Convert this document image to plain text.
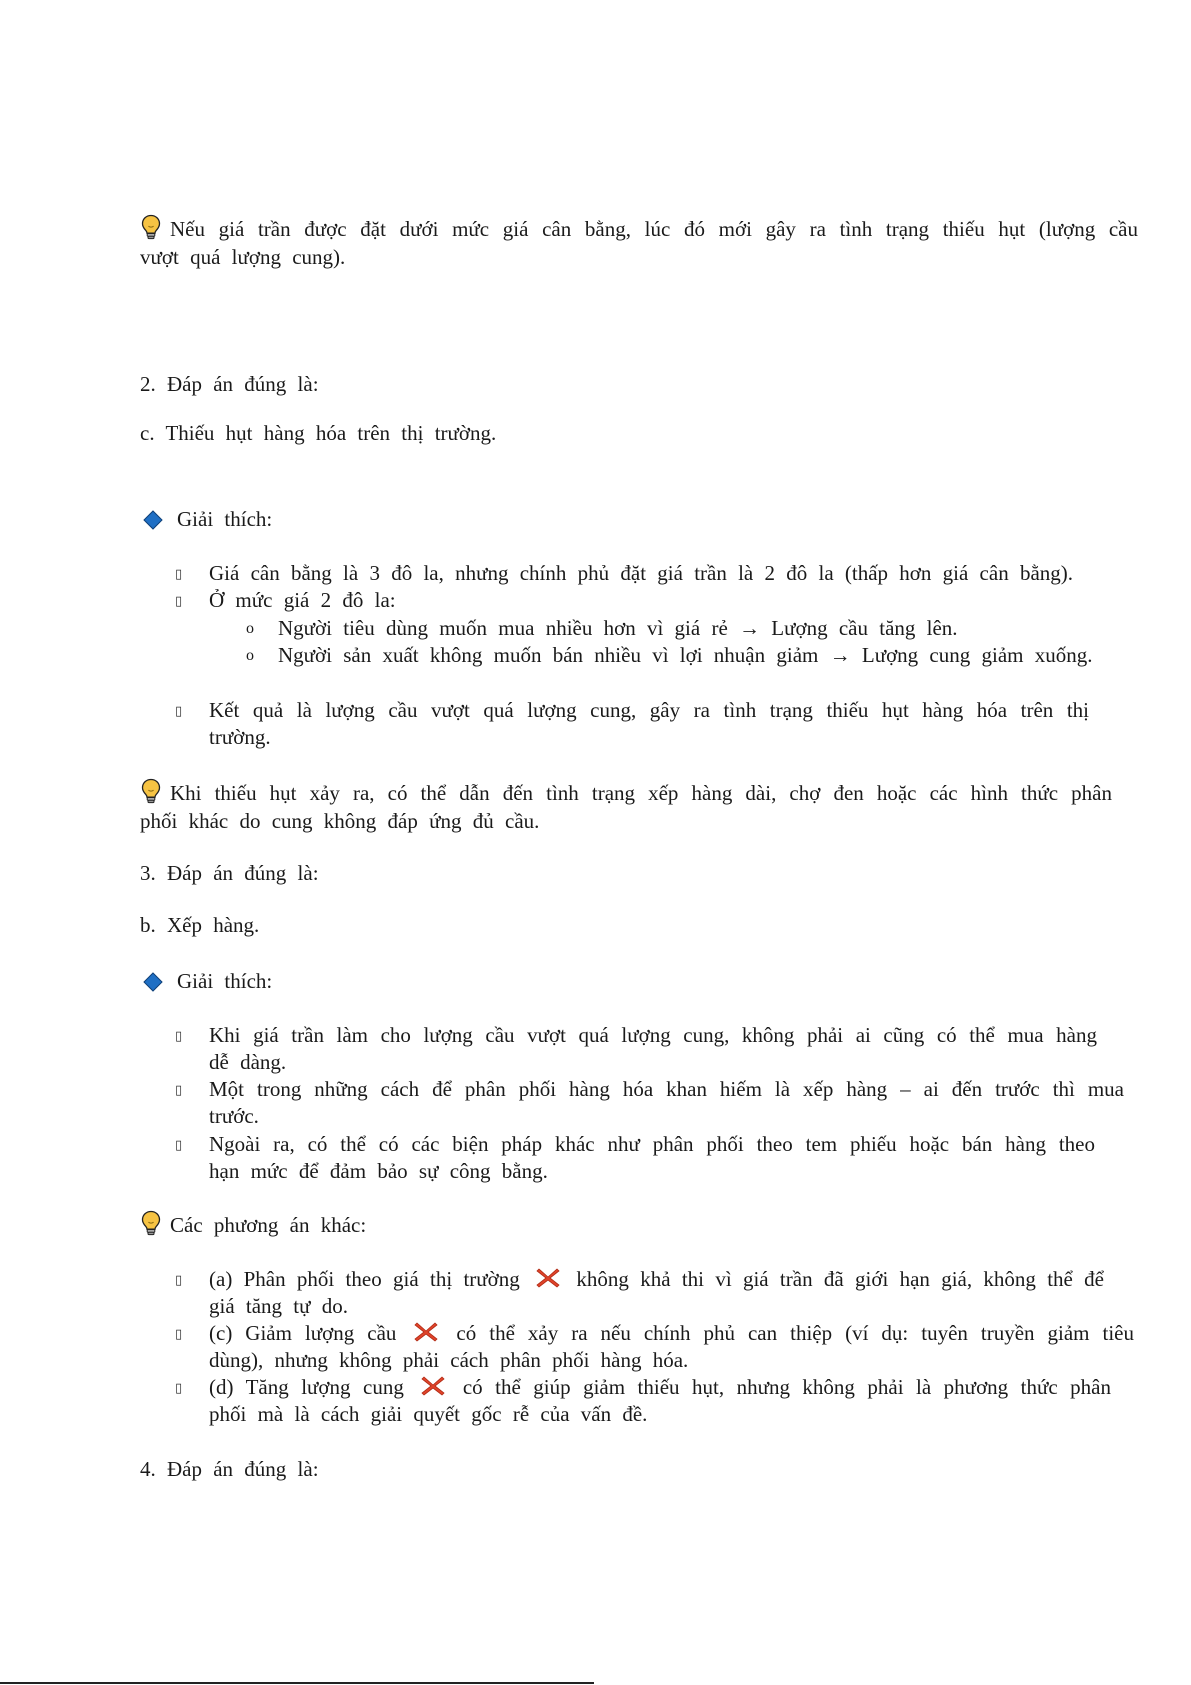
Nếu giá trần được đặt dưới mức giá cân bằng, lúc đó mới gây ra tình trạng thiếu hụt (lượng cầu vượt quá lượng cung).
2. Đáp án đúng là:
c. Thiếu hụt hàng hóa trên thị trường.
Giải thích:
▯ Giá cân bằng là 3 đô la, nhưng chính phủ đặt giá trần là 2 đô la (thấp hơn giá cân bằng).
▯ Ở mức giá 2 đô la:
o Người tiêu dùng muốn mua nhiều hơn vì giá rẻ → Lượng cầu tăng lên.
o Người sản xuất không muốn bán nhiều vì lợi nhuận giảm → Lượng cung giảm xuống.
▯ Kết quả là lượng cầu vượt quá lượng cung, gây ra tình trạng thiếu hụt hàng hóa trên thị trường.
Khi thiếu hụt xảy ra, có thể dẫn đến tình trạng xếp hàng dài, chợ đen hoặc các hình thức phân phối khác do cung không đáp ứng đủ cầu.
3. Đáp án đúng là:
b. Xếp hàng.
Giải thích:
▯ Khi giá trần làm cho lượng cầu vượt quá lượng cung, không phải ai cũng có thể mua hàng dễ dàng.
▯ Một trong những cách để phân phối hàng hóa khan hiếm là xếp hàng – ai đến trước thì mua trước.
▯ Ngoài ra, có thể có các biện pháp khác như phân phối theo tem phiếu hoặc bán hàng theo hạn mức để đảm bảo sự công bằng.
Các phương án khác:
▯ (a) Phân phối theo giá thị trường	không khả thi vì giá trần đã giới hạn giá, không thể để giá tăng tự do.
▯ (c) Giảm lượng cầu	có thể xảy ra nếu chính phủ can thiệp (ví dụ: tuyên truyền giảm tiêu dùng), nhưng không phải cách phân phối hàng hóa.
▯ (d) Tăng lượng cung	có thể giúp giảm thiếu hụt, nhưng không phải là phương thức phân phối mà là cách giải quyết gốc rễ của vấn đề.
4. Đáp án đúng là:
